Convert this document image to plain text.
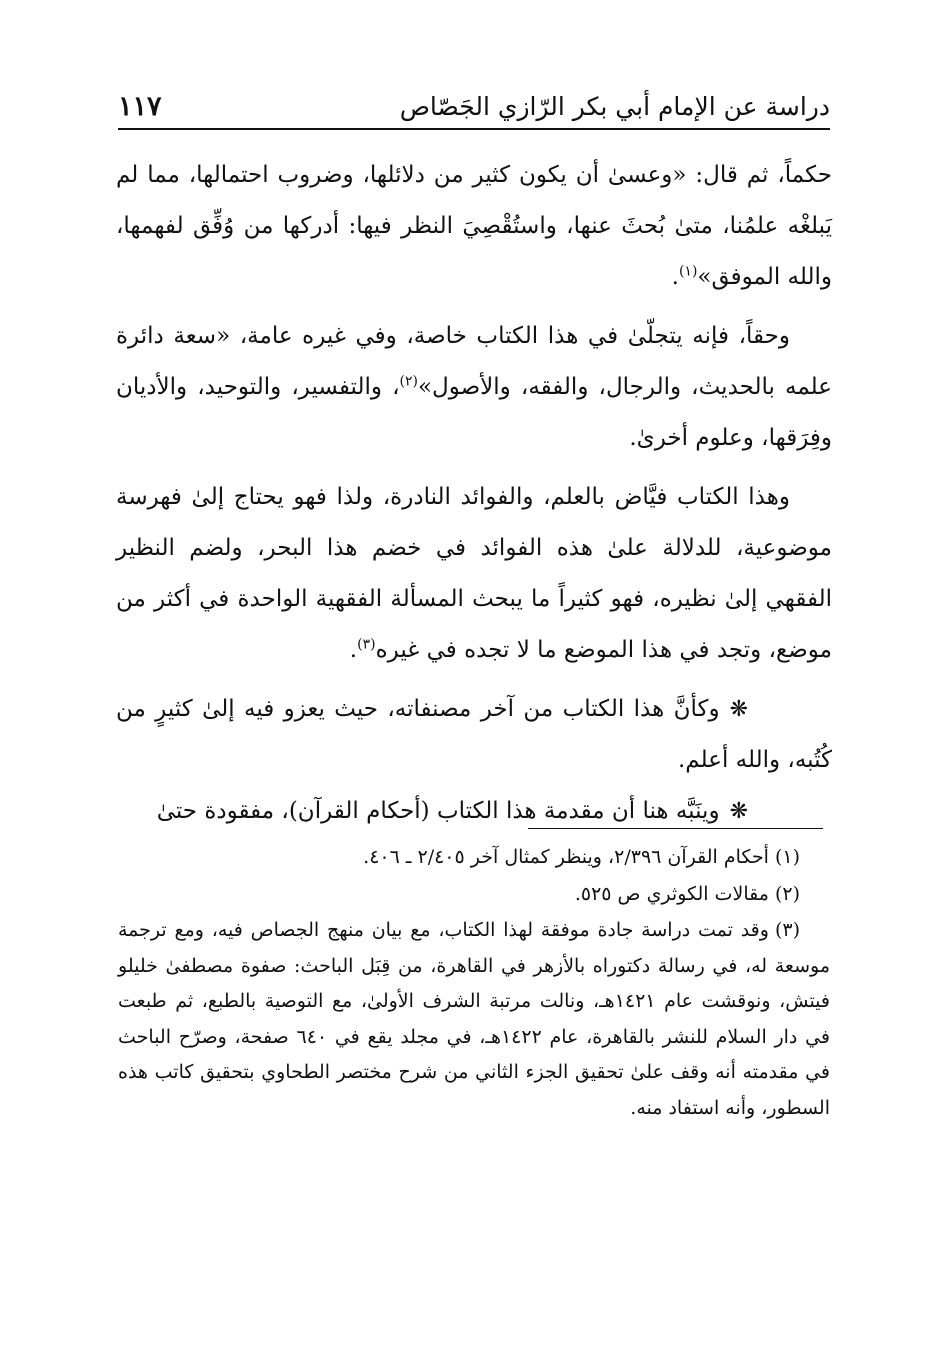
دراسة عن الإمام أبي بكر الرّازي الجَصّاص
١١٧

حكماً، ثم قال: «وعسىٰ أن يكون كثير من دلائلها، وضروب احتمالها، مما لم يَبلغْه علمُنا، متىٰ بُحثَ عنها، واستُقْصِيَ النظر فيها: أدركها من وُفِّق لفهمها، والله الموفق»$^{(١)}$.

وحقاً، فإنه يتجلّىٰ في هذا الكتاب خاصة، وفي غيره عامة، «سعة دائرة علمه بالحديث، والرجال، والفقه، والأصول»$^{(٢)}$، والتفسير، والتوحيد، والأديان وفِرَقها، وعلوم أخرىٰ.

وهذا الكتاب فيَّاض بالعلم، والفوائد النادرة، ولذا فهو يحتاج إلىٰ فهرسة موضوعية، للدلالة علىٰ هذه الفوائد في خضم هذا البحر، ولضم النظير الفقهي إلىٰ نظيره، فهو كثيراً ما يبحث المسألة الفقهية الواحدة في أكثر من موضع، وتجد في هذا الموضع ما لا تجده في غيره$^{(٣)}$.

❋وكأنَّ هذا الكتاب من آخر مصنفاته، حيث يعزو فيه إلىٰ كثيرٍ من كُتُبه، والله أعلم.

❋وينَبَّه هنا أن مقدمة هذا الكتاب (أحكام القرآن)، مفقودة حتىٰ

(١)أحكام القرآن ٢/٣٩٦، وينظر كمثال آخر ٢/٤٠٥ ـ ٤٠٦.

(٢)مقالات الكوثري ص ٥٢٥.

(٣)وقد تمت دراسة جادة موفقة لهذا الكتاب، مع بيان منهج الجصاص فيه، ومع ترجمة موسعة له، في رسالة دكتوراه بالأزهر في القاهرة، من قِبَل الباحث: صفوة مصطفىٰ خليلو فيتش، ونوقشت عام ١٤٢١هـ، ونالت مرتبة الشرف الأولىٰ، مع التوصية بالطبع، ثم طبعت في دار السلام للنشر بالقاهرة، عام ١٤٢٢هـ، في مجلد يقع في ٦٤٠ صفحة، وصرّح الباحث في مقدمته أنه وقف علىٰ تحقيق الجزء الثاني من شرح مختصر الطحاوي بتحقيق كاتب هذه السطور، وأنه استفاد منه.
